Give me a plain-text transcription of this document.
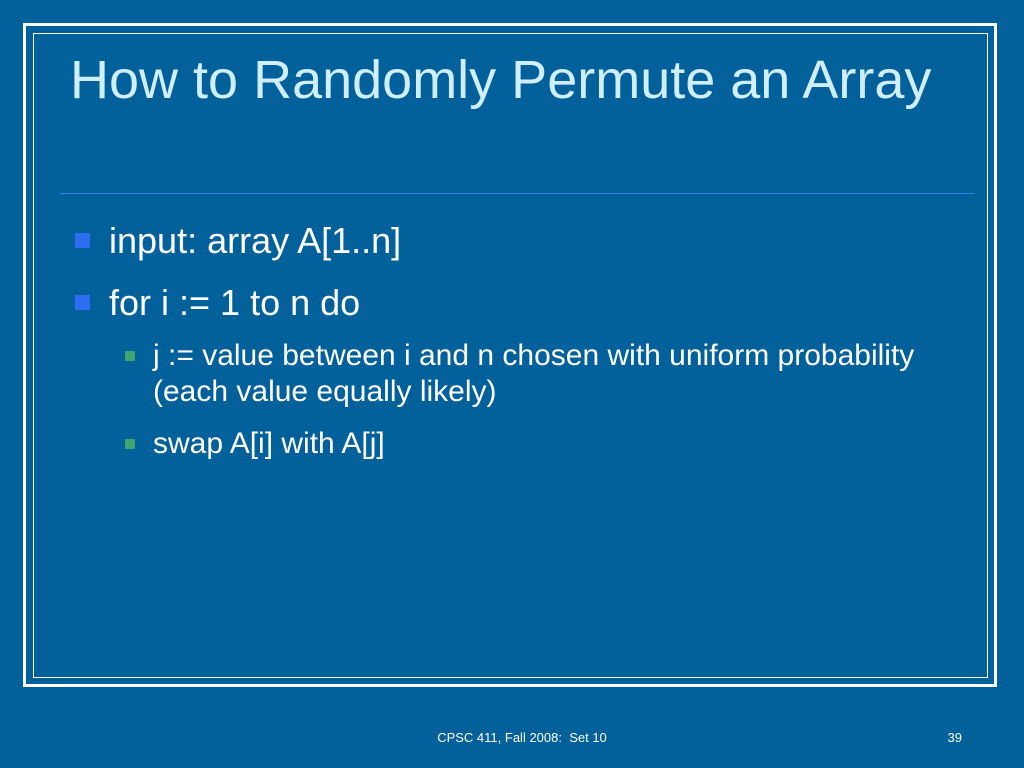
How to Randomly Permute an Array
input: array A[1..n]
for i := 1 to n do
j := value between i and n chosen with uniform probability (each value equally likely)
swap A[i] with A[j]
CPSC 411, Fall 2008:  Set 10	39
